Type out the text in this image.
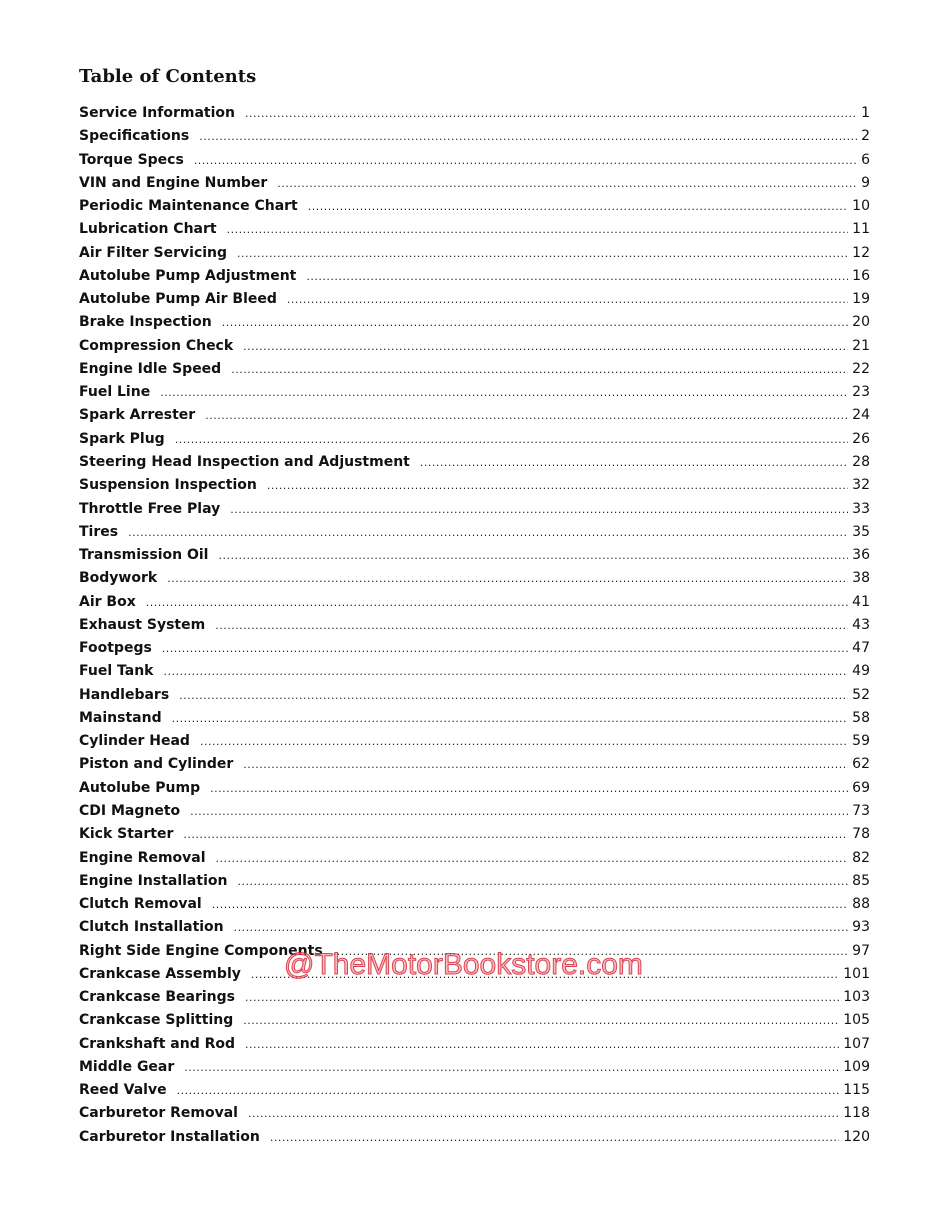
Table of Contents
Service Information .....	1
Specifications .....	2
Torque Specs .....	6
VIN and Engine Number .....	9
Periodic Maintenance Chart .....	10
Lubrication Chart .....	11
Air Filter Servicing .....	12
Autolube Pump Adjustment .....	16
Autolube Pump Air Bleed .....	19
Brake Inspection .....	20
Compression Check .....	21
Engine Idle Speed .....	22
Fuel Line .....	23
Spark Arrester .....	24
Spark Plug .....	26
Steering Head Inspection and Adjustment .....	28
Suspension Inspection .....	32
Throttle Free Play .....	33
Tires .....	35
Transmission Oil .....	36
Bodywork .....	38
Air Box .....	41
Exhaust System .....	43
Footpegs .....	47
Fuel Tank .....	49
Handlebars .....	52
Mainstand .....	58
Cylinder Head .....	59
Piston and Cylinder .....	62
Autolube Pump .....	69
CDI Magneto .....	73
Kick Starter .....	78
Engine Removal .....	82
Engine Installation .....	85
Clutch Removal .....	88
Clutch Installation .....	93
Right Side Engine Components .....	97
Crankcase Assembly .....	101
Crankcase Bearings .....	103
Crankcase Splitting .....	105
Crankshaft and Rod .....	107
Middle Gear .....	109
Reed Valve .....	115
Carburetor Removal .....	118
Carburetor Installation .....	120
@TheMotorBookstore.com
